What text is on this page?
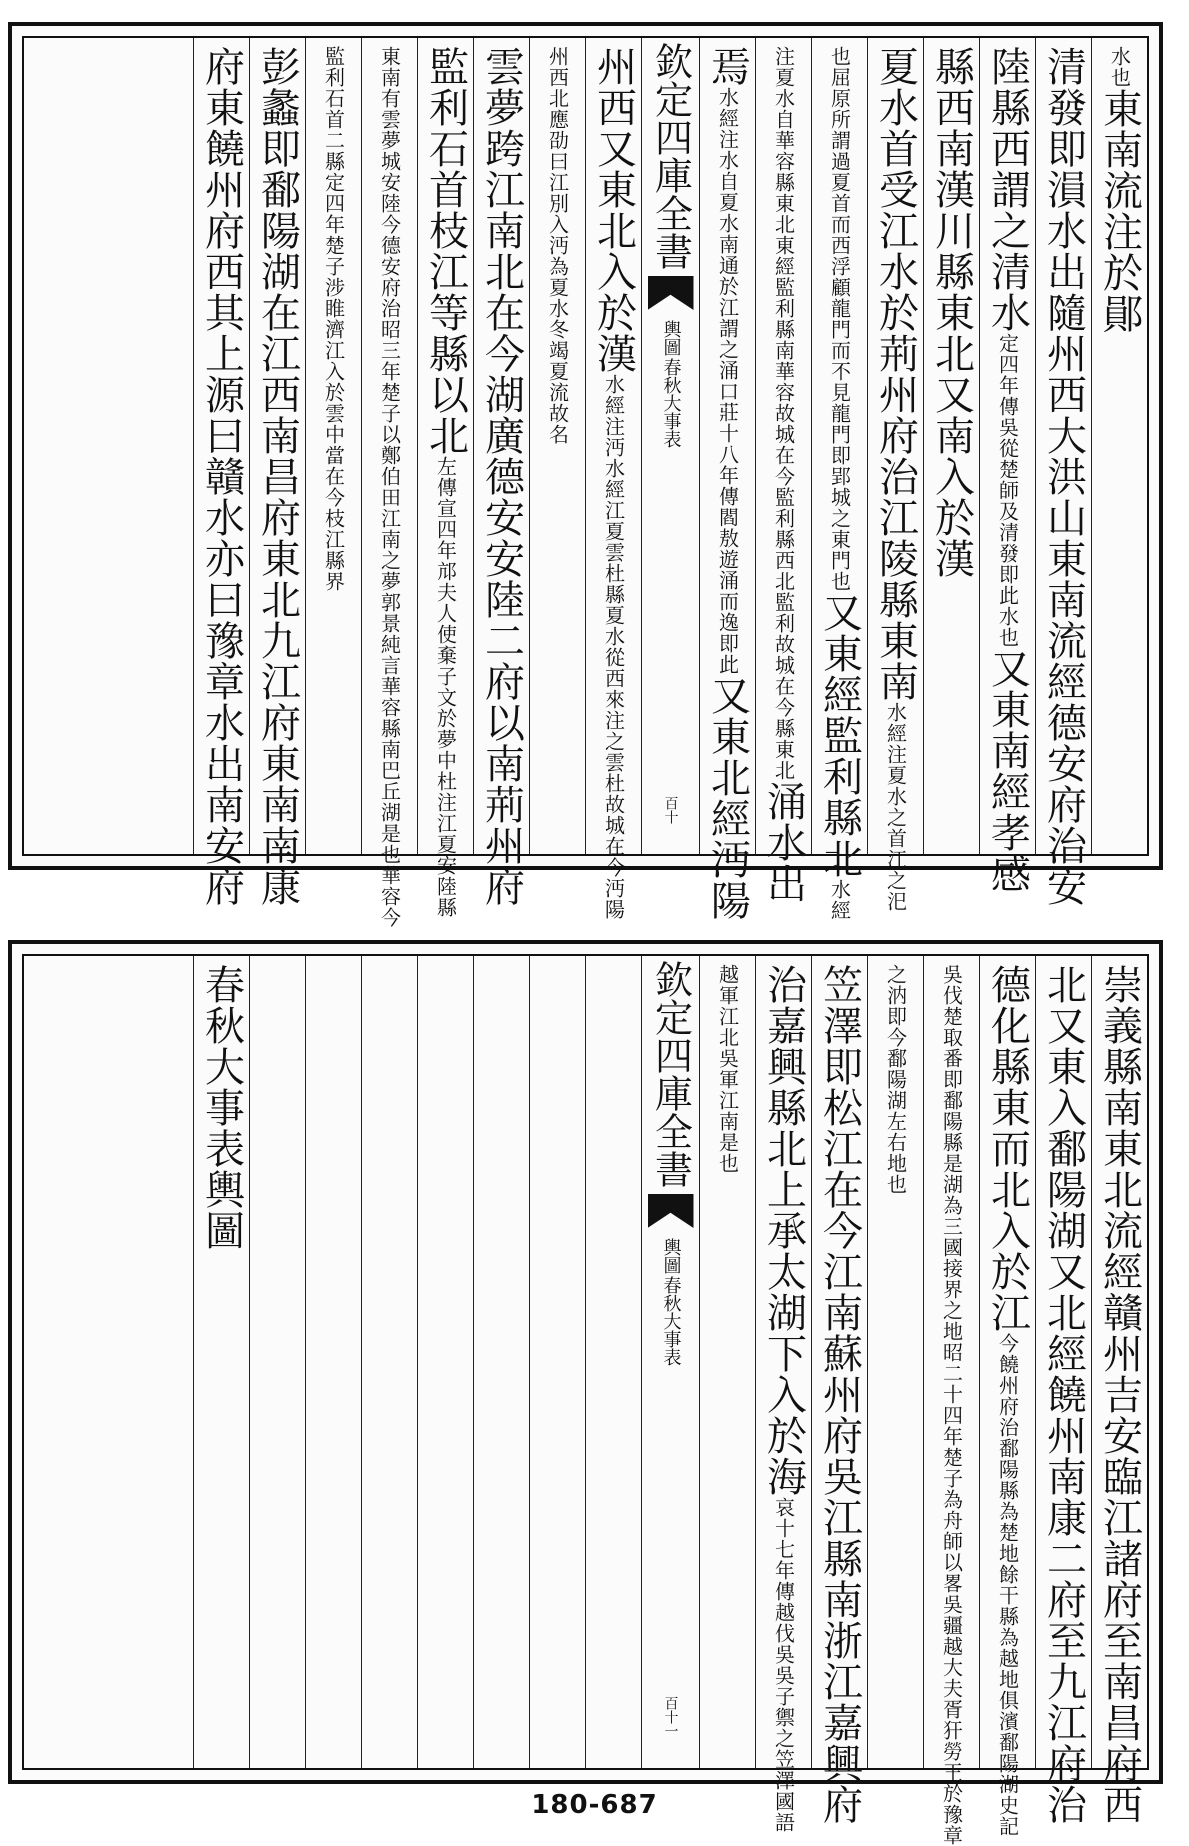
水也東南流注於鄖
清發即溳水出隨州西大洪山東南流經德安府治安
陸縣西謂之清水定四年傳吳從楚師及清發即此水也又東南經孝感
縣西南漢川縣東北又南入於漢
夏水首受江水於荊州府治江陵縣東南水經注夏水之首江之汜
也屈原所謂過夏首而西浮顧龍門而不見龍門即郢城之東門也又東經監利縣北水經
注夏水自華容縣東北東經監利縣南華容故城在今監利縣西北監利故城在今縣東北涌水出
焉水經注水自夏水南通於江謂之涌口莊十八年傳閻敖遊涌而逸即此又東北經沔陽
欽定四庫全書
春秋大事表
輿圖
百十
州西又東北入於漢水經注沔水經江夏雲杜縣夏水從西來注之雲杜故城在今沔陽
州西北應劭曰江別入沔為夏水冬竭夏流故名
雲夢跨江南北在今湖廣德安安陸二府以南荊州府
監利石首枝江等縣以北左傳宣四年邟夫人使棄子文於夢中杜注江夏安陸縣
東南有雲夢城安陸今德安府治昭三年楚子以鄭伯田江南之夢郭景純言華容縣南巴丘湖是也華容今
監利石首二縣定四年楚子涉睢濟江入於雲中當在今枝江縣界
彭蠡即鄱陽湖在江西南昌府東北九江府東南南康
府東饒州府西其上源曰贛水亦曰豫章水出南安府
崇義縣南東北流經贛州吉安臨江諸府至南昌府西
北又東入鄱陽湖又北經饒州南康二府至九江府治
德化縣東而北入於江今饒州府治鄱陽縣為楚地餘干縣為越地俱濱鄱陽湖史記
吳伐楚取番即鄱陽縣是湖為三國接界之地昭二十四年楚子為舟師以畧吳疆越大夫胥犴勞王於豫章
之汭即今鄱陽湖左右地也
笠澤即松江在今江南蘇州府吳江縣南浙江嘉興府
治嘉興縣北上承太湖下入於海哀十七年傳越伐吳吳子禦之笠澤國語
越軍江北吳軍江南是也
欽定四庫全書
春秋大事表
輿圖
百十一
春秋大事表輿圖
180-687
